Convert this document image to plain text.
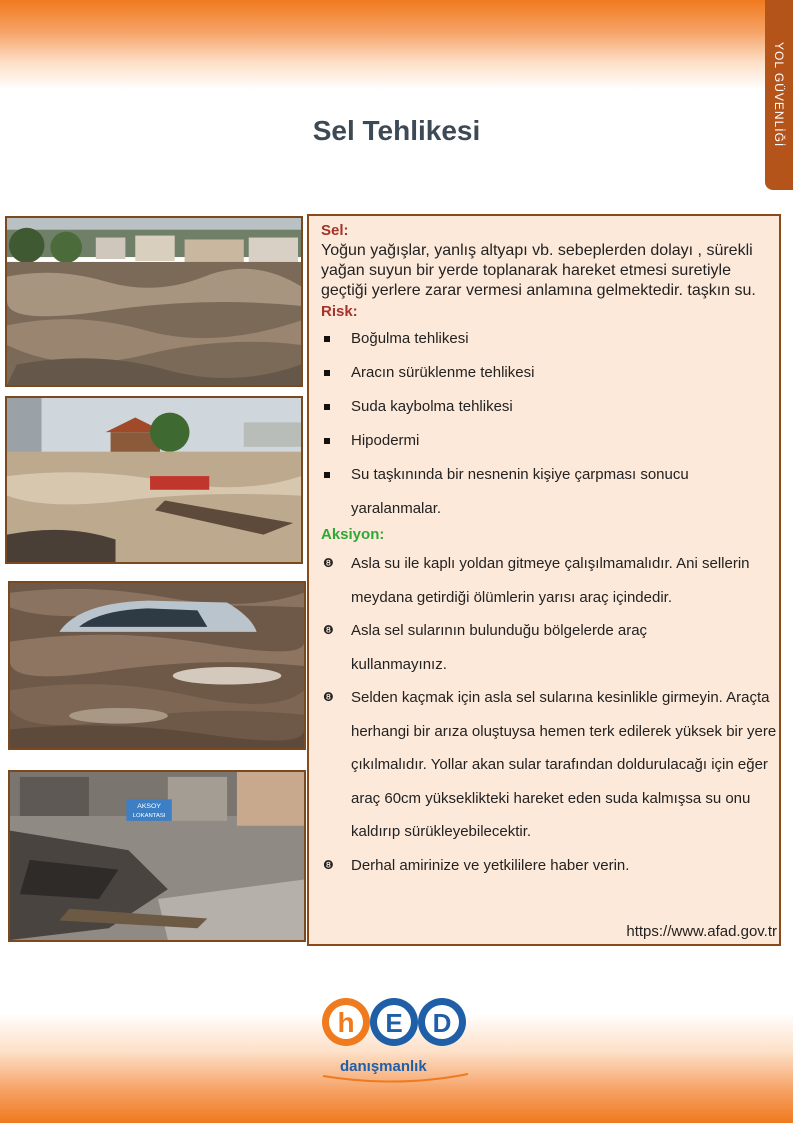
YOL GÜVENLİĞİ
Sel Tehlikesi
AKSOY
LOKANTASI
Sel:
Yoğun yağışlar, yanlış altyapı vb. sebeplerden dolayı , sürekli yağan suyun bir yerde toplanarak hareket etmesi suretiyle geçtiği yerlere zarar vermesi anlamına gelmektedir. taşkın su.
Risk:
Boğulma tehlikesi
Aracın sürüklenme tehlikesi
Suda kaybolma tehlikesi
Hipodermi
Su taşkınında bir nesnenin kişiye çarpması sonucu yaralanmalar.
Aksiyon:
❽ Asla su ile kaplı yoldan gitmeye çalışılmamalıdır. Ani sellerin meydana getirdiği ölümlerin yarısı araç içindedir.
❽ Asla sel sularının bulunduğu bölgelerde araç kullanmayınız.
❽ Selden kaçmak için asla sel sularına kesinlikle girmeyin. Araçta herhangi bir arıza oluştuysa hemen terk edilerek yüksek bir yere çıkılmalıdır. Yollar akan sular tarafından doldurulacağı için eğer araç 60cm yükseklikteki hareket eden suda kalmışsa su onu kaldırıp sürükleyebilecektir.
❽ Derhal amirinize ve yetkililere haber verin.
https://www.afad.gov.tr
h E D
danışmanlık
